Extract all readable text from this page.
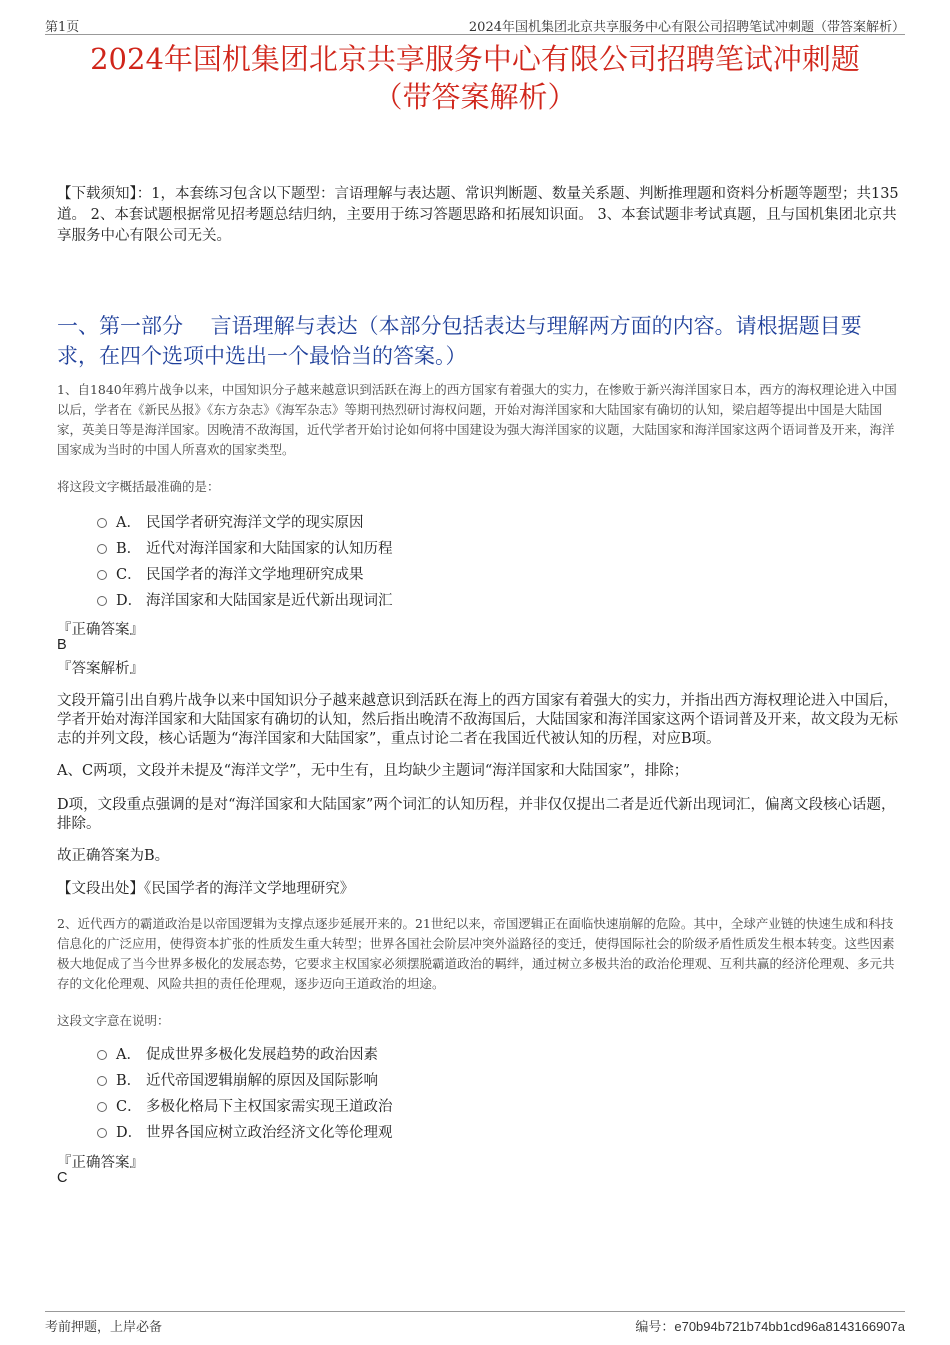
第1页	2024年国机集团北京共享服务中心有限公司招聘笔试冲刺题（带答案解析）
2024年国机集团北京共享服务中心有限公司招聘笔试冲刺题
（带答案解析）
【下载须知】：1，本套练习包含以下题型：言语理解与表达题、常识判断题、数量关系题、判断推理题和资料分析题等题型；共135道。 2、本套试题根据常见招考题总结归纳，主要用于练习答题思路和拓展知识面。 3、本套试题非考试真题，且与国机集团北京共享服务中心有限公司无关。
一、第一部分　 言语理解与表达（本部分包括表达与理解两方面的内容。请根据题目要求，在四个选项中选出一个最恰当的答案。）
1、自1840年鸦片战争以来，中国知识分子越来越意识到活跃在海上的西方国家有着强大的实力，在惨败于新兴海洋国家日本，西方的海权理论进入中国以后，学者在《新民丛报》《东方杂志》《海军杂志》等期刊热烈研讨海权问题，开始对海洋国家和大陆国家有确切的认知，梁启超等提出中国是大陆国家，英美日等是海洋国家。因晚清不敌海国，近代学者开始讨论如何将中国建设为强大海洋国家的议题，大陆国家和海洋国家这两个语词普及开来，海洋国家成为当时的中国人所喜欢的国家类型。
将这段文字概括最准确的是：
A． 民国学者研究海洋文学的现实原因
B． 近代对海洋国家和大陆国家的认知历程
C． 民国学者的海洋文学地理研究成果
D． 海洋国家和大陆国家是近代新出现词汇
『正确答案』
B
『答案解析』
文段开篇引出自鸦片战争以来中国知识分子越来越意识到活跃在海上的西方国家有着强大的实力，并指出西方海权理论进入中国后，学者开始对海洋国家和大陆国家有确切的认知，然后指出晚清不敌海国后，大陆国家和海洋国家这两个语词普及开来，故文段为无标志的并列文段，核心话题为“海洋国家和大陆国家”，重点讨论二者在我国近代被认知的历程，对应B项。
A、C两项，文段并未提及“海洋文学”，无中生有，且均缺少主题词“海洋国家和大陆国家”，排除；
D项，文段重点强调的是对“海洋国家和大陆国家”两个词汇的认知历程，并非仅仅提出二者是近代新出现词汇，偏离文段核心话题，排除。
故正确答案为B。
【文段出处】《民国学者的海洋文学地理研究》
2、近代西方的霸道政治是以帝国逻辑为支撑点逐步延展开来的。21世纪以来，帝国逻辑正在面临快速崩解的危险。其中，全球产业链的快速生成和科技信息化的广泛应用，使得资本扩张的性质发生重大转型；世界各国社会阶层冲突外溢路径的变迁，使得国际社会的阶级矛盾性质发生根本转变。这些因素极大地促成了当今世界多极化的发展态势，它要求主权国家必须摆脱霸道政治的羁绊，通过树立多极共治的政治伦理观、互利共赢的经济伦理观、多元共存的文化伦理观、风险共担的责任伦理观，逐步迈向王道政治的坦途。
这段文字意在说明：
A． 促成世界多极化发展趋势的政治因素
B． 近代帝国逻辑崩解的原因及国际影响
C． 多极化格局下主权国家需实现王道政治
D． 世界各国应树立政治经济文化等伦理观
『正确答案』
C
考前押题，上岸必备	编号：e70b94b721b74bb1cd96a8143166907a
